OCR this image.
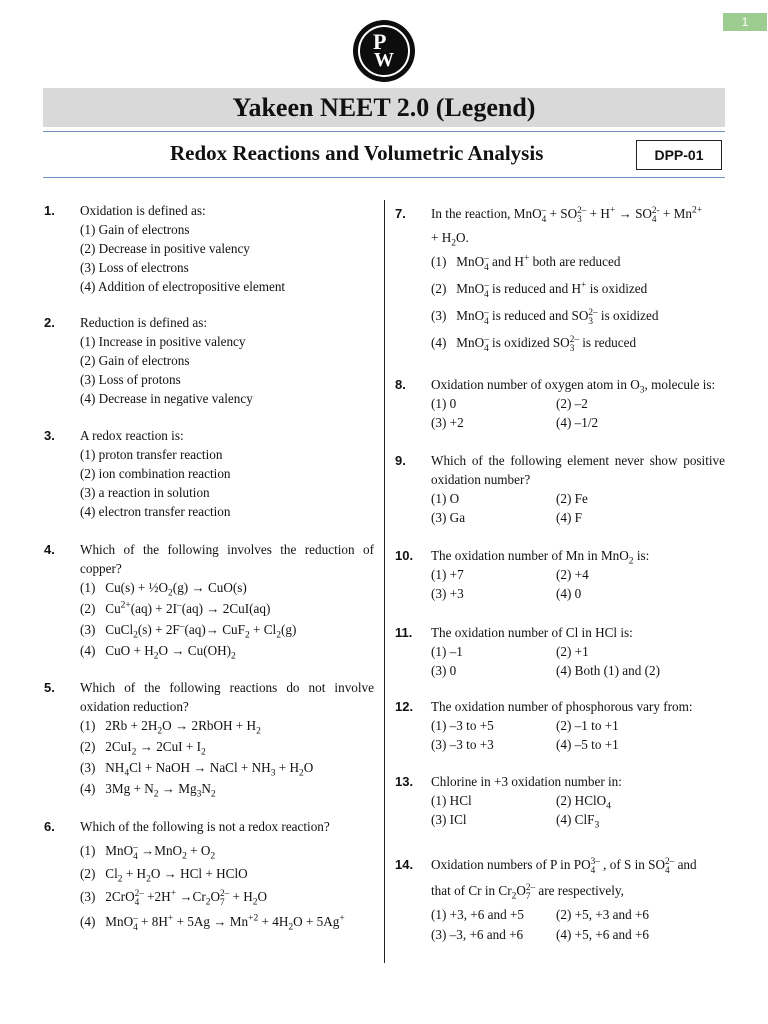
1
P
W
Yakeen NEET 2.0 (Legend)
Redox Reactions and Volumetric Analysis	DPP-01
1. Oxidation is defined as:
(1) Gain of electrons
(2) Decrease in positive valency
(3) Loss of electrons
(4) Addition of electropositive element
2. Reduction is defined as:
(1) Increase in positive valency
(2) Gain of electrons
(3) Loss of protons
(4) Decrease in negative valency
3. A redox reaction is:
(1) proton transfer reaction
(2) ion combination reaction
(3) a reaction in solution
(4) electron transfer reaction
4. Which of the following involves the reduction of copper?
(1)   $Cu(s) + \frac{1}{2}O_2(g) \to CuO(s)$
(2)   $Cu^{2+}(aq) + 2I^-(aq) \to 2CuI(aq)$
(3)   CuCl$_2$(s) + $2F^-(aq)\to CuF_2 + Cl_2(g)$
(4)   CuO + $H_2O \to Cu(OH)_2$
5. Which of the following reactions do not involve oxidation reduction?
(1)   $2Rb + 2H_2O$ → 2RbOH + $H_2$
(2)   $2CuI_2 \to 2CuI + I_2$
(3)   $NH_4Cl$ + NaOH → NaCl + $NH_3 + H_2O$
(4)   $3Mg + N_2 \to Mg_3N_2$
6. Which of the following is not a redox reaction?
(1)   MnO –
$4 \to MnO_2 + O_2$
(2)   $Cl_2 + H_2O$ → HCl + HClO
(3)   2CrO 2–
$4 +2H^+ \to Cr_2O$ 2–
$7 + H_2O$
(4)   MnO –
$4 + 8H^+ + 5Ag \to Mn^{+2} + 4H_2O + 5Ag^+$
7. In the reaction, MnO –
4 + SO 2–
3 + H+ → SO 2-
$4 + Mn^{2+}$
+ $H_2O$.
(1)   MnO –
4 and H+ both are reduced
(2)   MnO –
4 is reduced and H+ is oxidized
(3)   MnO –
4 is reduced and SO 2–
3 is oxidized
(4)   MnO –
4 is oxidized SO 2–
3 is reduced
8. Oxidation number of oxygen atom in $O_3$, molecule is:
(1) 0	(2) –2
(3) +2	(4) –1/2
9. Which of the following element never show positive oxidation number?
(1) O	(2) Fe
(3) Ga	(4) F
10. The oxidation number of Mn in MnO$_2$ is:
(1) +7	(2) +4
(3) +3	(4) 0
11. The oxidation number of Cl in HCl is:
(1) –1	(2) +1
(3) 0	(4) Both (1) and (2)
12. The oxidation number of phosphorous vary from:
(1) –3 to +5	(2) –1 to +1
(3) –3 to +3	(4) –5 to +1
13. Chlorine in +3 oxidation number in:
(1) HCl	(2) HClO$_4$
(3) ICl	(4) ClF$_3$
14. Oxidation numbers of P in PO 3–
4 , of S in SO 2–
4 and
that of Cr in $Cr_2O$ 2–
7 are respectively,
(1) +3, +6 and +5 (2) +5, +3 and +6
(3) –3, +6 and +6 (4) +5, +6 and +6
